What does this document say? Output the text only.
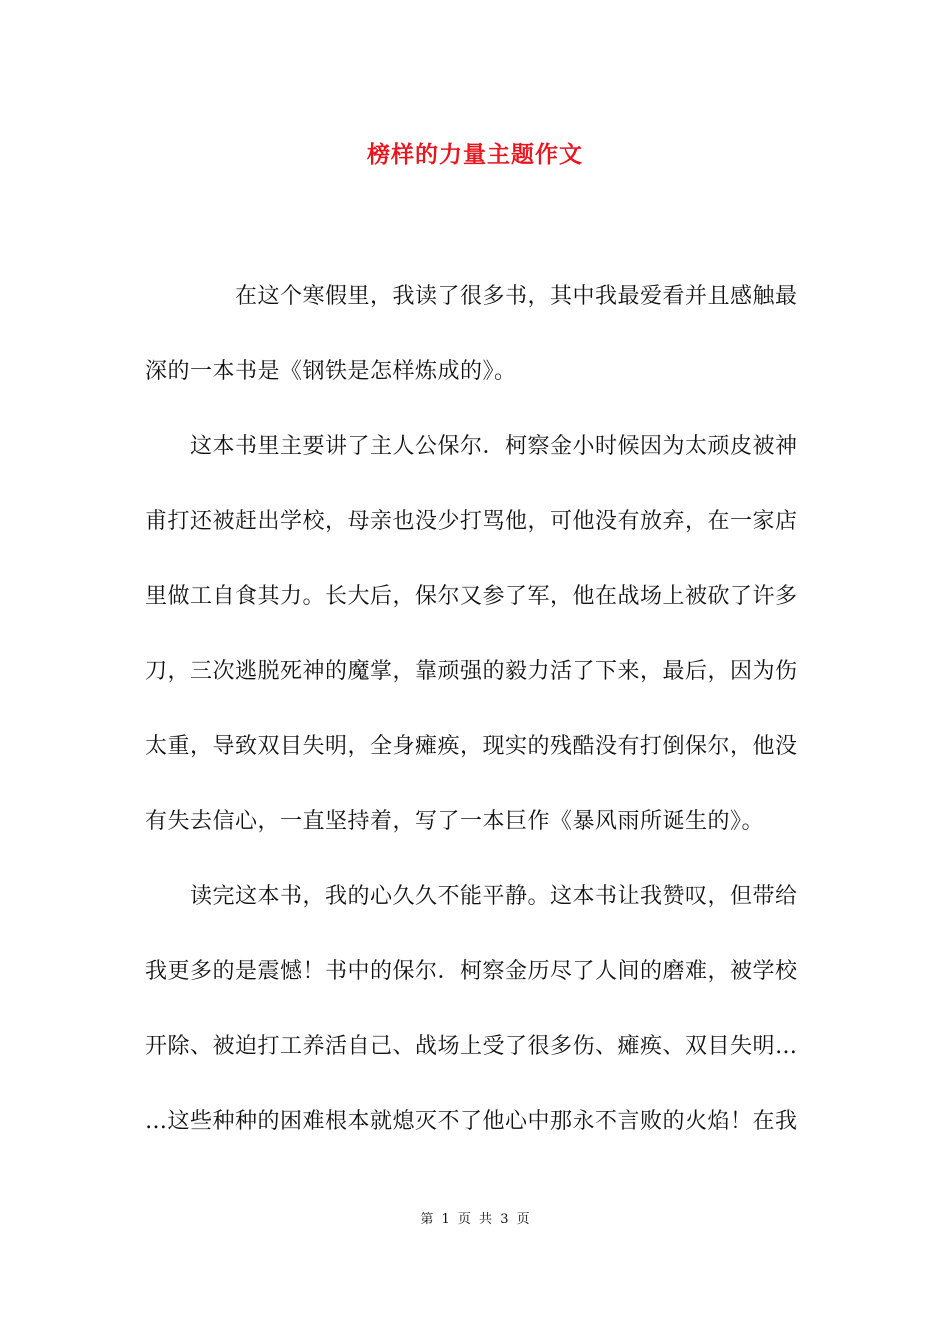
榜样的力量主题作文
　　　　在这个寒假里，我读了很多书，其中我最爱看并且感触最
深的一本书是《钢铁是怎样炼成的》。
　　这本书里主要讲了主人公保尔．柯察金小时候因为太顽皮被神
甫打还被赶出学校，母亲也没少打骂他，可他没有放弃，在一家店
里做工自食其力。长大后，保尔又参了军，他在战场上被砍了许多
刀，三次逃脱死神的魔掌，靠顽强的毅力活了下来，最后，因为伤
太重，导致双目失明，全身瘫痪，现实的残酷没有打倒保尔，他没
有失去信心，一直坚持着，写了一本巨作《暴风雨所诞生的》。
　　读完这本书，我的心久久不能平静。这本书让我赞叹，但带给
我更多的是震憾！书中的保尔．柯察金历尽了人间的磨难，被学校
开除、被迫打工养活自己、战场上受了很多伤、瘫痪、双目失明…
…这些种种的困难根本就熄灭不了他心中那永不言败的火焰！在我
第 1 页 共 3 页
